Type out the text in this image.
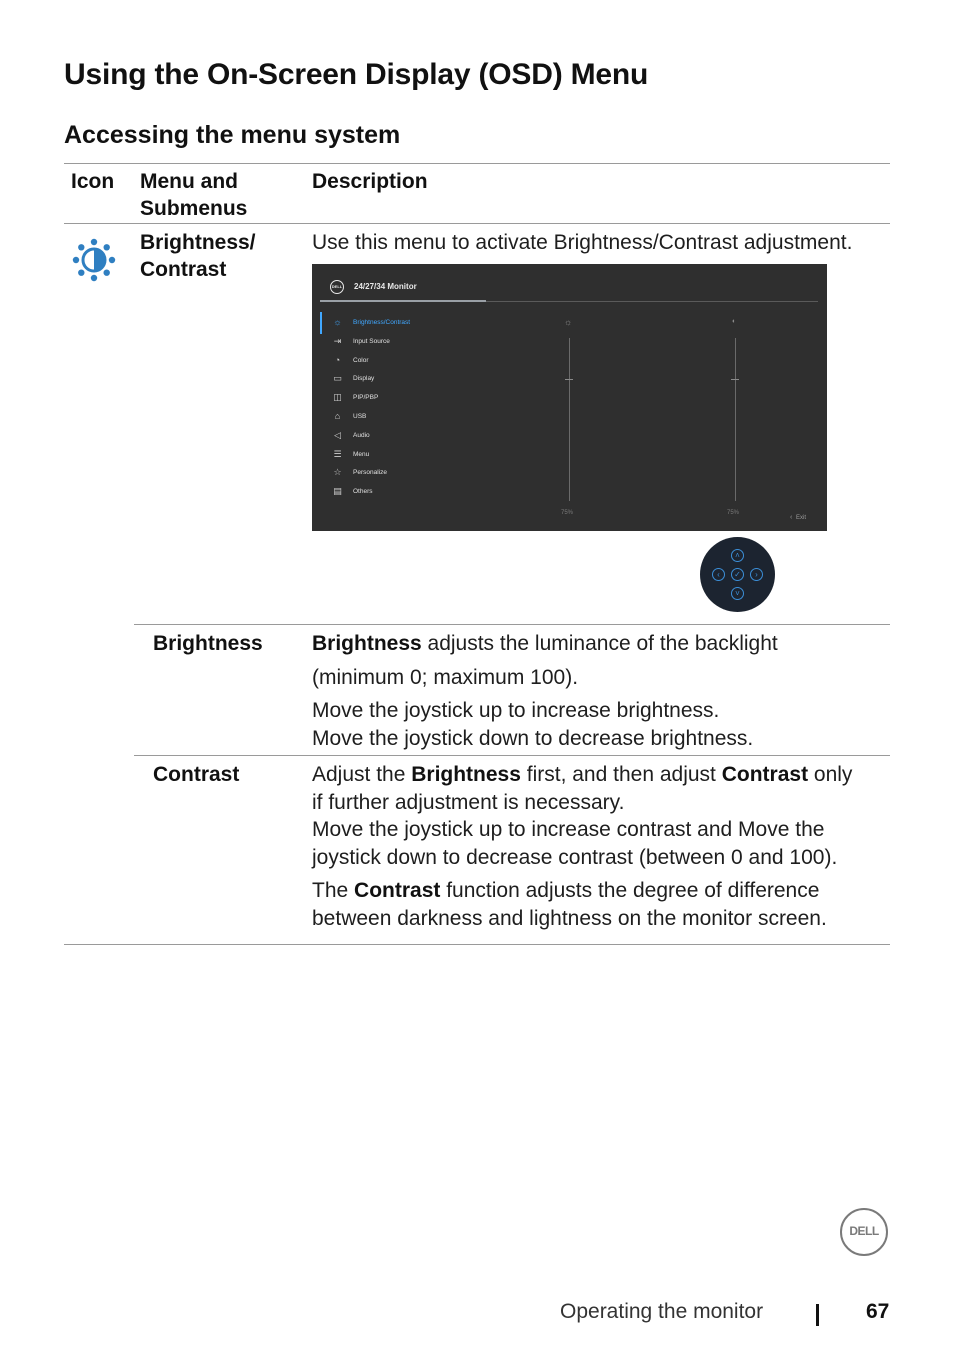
Using the On-Screen Display (OSD) Menu
Accessing the menu system
Icon Menu and
Submenus
Description
Brightness/
Contrast
Use this menu to activate Brightness/Contrast adjustment.
DELL 24/27/34 Monitor
☼ Brightness/Contrast
⇥ Input Source
◔	Color
▭ Display
◫ PIP/PBP
⌂	USB
◁	Audio
☰ Menu
☆ Personalize
▤ Others
☼
75%
◐
75%
‹ Exit
˄
‹	✓	›
˅
Brightness Brightness adjusts the luminance of the backlight

(minimum 0; maximum 100).

Move the joystick up to increase brightness.

Move the joystick down to decrease brightness.

Contrast	Adjust the Brightness first, and then adjust Contrast only

if further adjustment is necessary.

Move the joystick up to increase contrast and Move the

joystick down to decrease contrast (between 0 and 100).

The Contrast function adjusts the degree of difference

between darkness and lightness on the monitor screen.

DELL
Operating the monitor	67
